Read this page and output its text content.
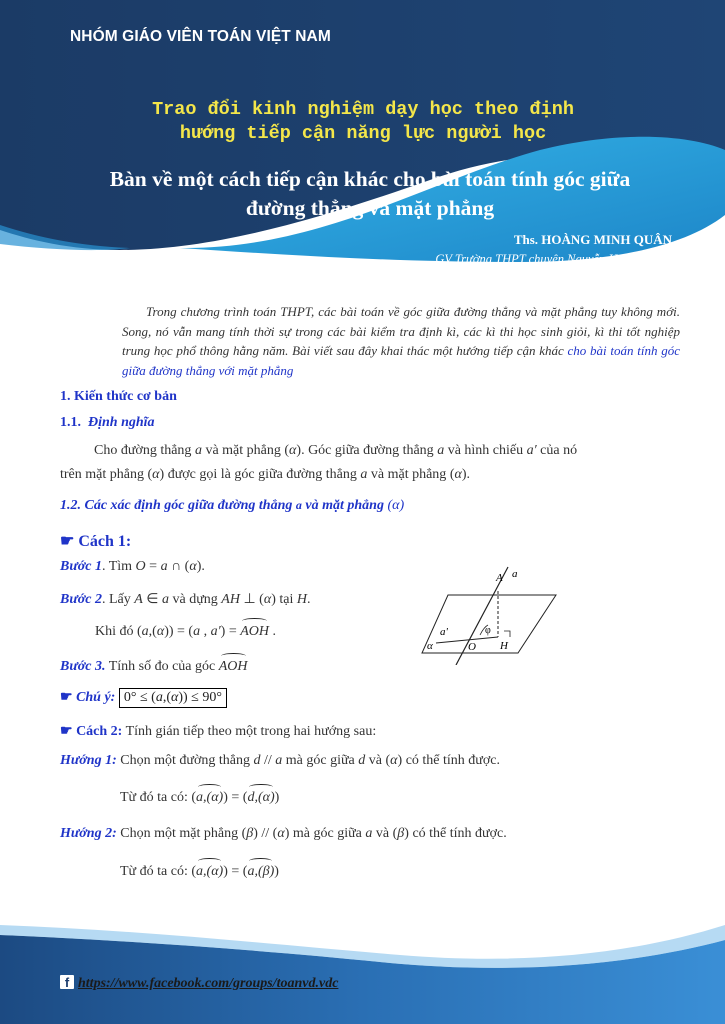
NHÓM GIÁO VIÊN TOÁN VIỆT NAM
Trao đổi kinh nghiệm dạy học theo định
hướng tiếp cận năng lực người học
Bàn về một cách tiếp cận khác cho bài toán tính góc giữa
đường thẳng và mặt phẳng
Ths. HOÀNG MINH QUÂN
GV Trường THPT chuyên Nguyễn Huệ, Hà Nội
Trong chương trình toán THPT, các bài toán về góc giữa đường thẳng và mặt phẳng tuy không mới. Song, nó vẫn mang tính thời sự trong các bài kiểm tra định kì, các kì thi học sinh giỏi, kì thi tốt nghiệp trung học phổ thông hằng năm. Bài viết sau đây khai thác một hướng tiếp cận khác cho bài toán tính góc giữa đường thẳng với mặt phẳng
1. Kiến thức cơ bản
1.1.  Định nghĩa
Cho đường thẳng a và mặt phẳng (α). Góc giữa đường thẳng a và hình chiếu a′ của nó
trên mặt phẳng (α) được gọi là góc giữa đường thẳng a và mặt phẳng (α).
1.2. Các xác định góc giữa đường thẳng a và mặt phẳng (α)
☛ Cách 1:
Bước 1. Tìm O = a ∩ (α).
Bước 2. Lấy A ∈ a và dựng AH ⊥ (α) tại H.
Khi đó (a,(α)) = (a , a′) = AOH .
Bước 3. Tính số đo của góc AOH
☛ Chú ý: 0° ≤ (a,(α)) ≤ 90°
A a
a'	φ
α	O H
☛ Cách 2: Tính gián tiếp theo một trong hai hướng sau:
Hướng 1: Chọn một đường thẳng d // a mà góc giữa d và (α) có thể tính được.
Từ đó ta có: (a,(α)) = (d,(α))
Hướng 2: Chọn một mặt phẳng (β) // (α) mà góc giữa a và (β) có thể tính được.
Từ đó ta có: (a,(α)) = (a,(β))
f https://www.facebook.com/groups/toanvd.vdc
